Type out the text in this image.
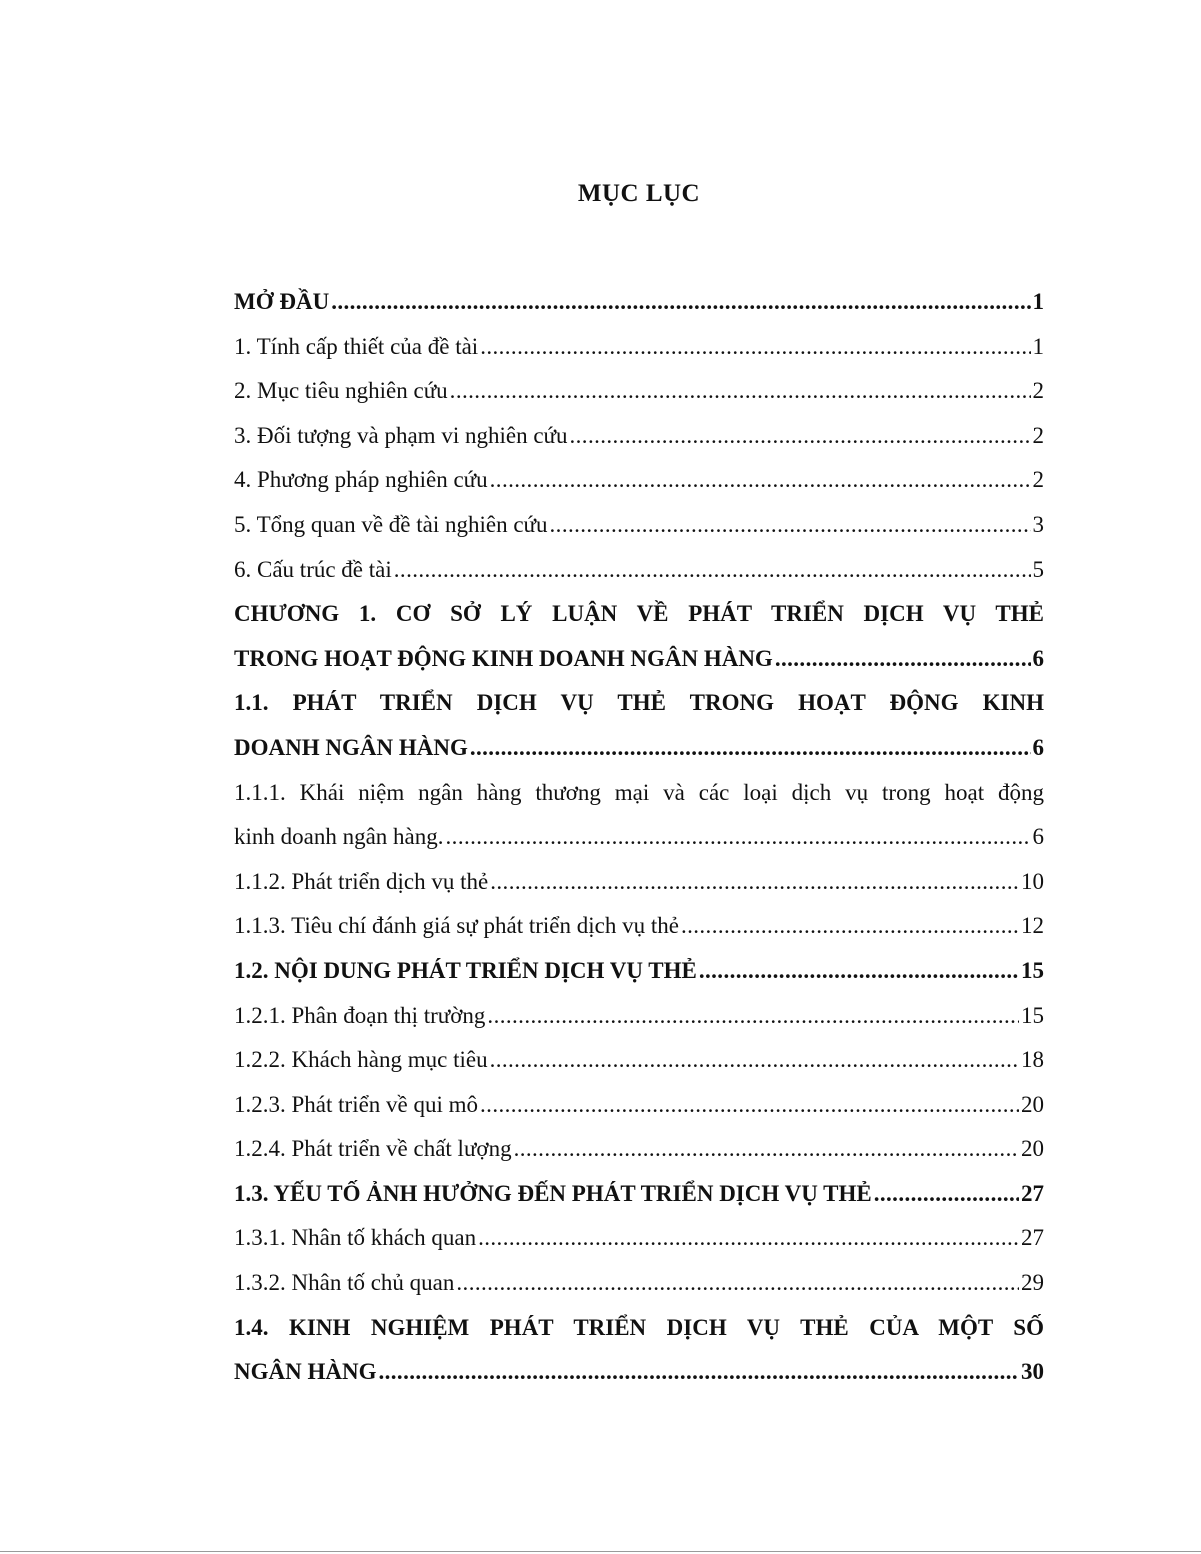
MỤC LỤC
MỞ ĐẦU .....	1
1. Tính cấp thiết của đề tài .....	1
2. Mục tiêu nghiên cứu .....	2
3. Đối tượng và phạm vi nghiên cứu .....	2
4. Phương pháp nghiên cứu .....	2
5. Tổng quan về đề tài nghiên cứu .....	3
6. Cấu trúc đề tài .....	5
CHƯƠNG 1. CƠ SỞ LÝ LUẬN VỀ PHÁT TRIỂN DỊCH VỤ THẺ
TRONG HOẠT ĐỘNG KINH DOANH NGÂN HÀNG .....	6
1.1. PHÁT TRIỂN DỊCH VỤ THẺ TRONG HOẠT ĐỘNG KINH
DOANH NGÂN HÀNG .....	6
1.1.1. Khái niệm ngân hàng thương mại và các loại dịch vụ trong hoạt động
kinh doanh ngân hàng. .....	6
1.1.2. Phát triển dịch vụ thẻ .....	10
1.1.3. Tiêu chí đánh giá sự phát triển dịch vụ thẻ .....	12
1.2. NỘI DUNG PHÁT TRIỂN DỊCH VỤ THẺ .....	15
1.2.1. Phân đoạn thị trường .....	15
1.2.2. Khách hàng mục tiêu .....	18
1.2.3. Phát triển về qui mô .....	20
1.2.4. Phát triển về chất lượng .....	20
1.3. YẾU TỐ ẢNH HƯỞNG ĐẾN PHÁT TRIỂN DỊCH VỤ THẺ .....	27
1.3.1. Nhân tố khách quan .....	27
1.3.2. Nhân tố chủ quan .....	29
1.4. KINH NGHIỆM PHÁT TRIỂN DỊCH VỤ THẺ CỦA MỘT SỐ
NGÂN HÀNG .....	30
